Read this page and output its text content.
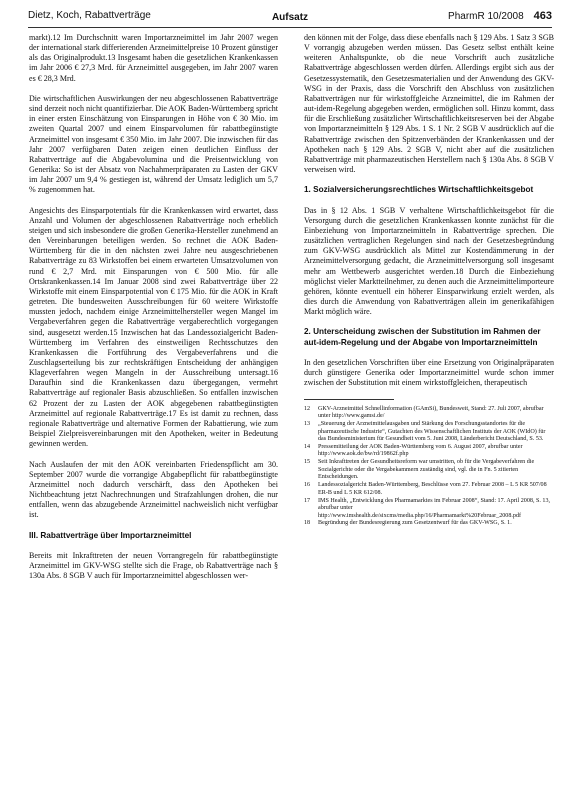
Dietz, Koch, Rabattverträge	Aufsatz	PharmR 10/2008 463

markt).12 Im Durchschnitt waren Importarzneimittel im Jahr 2007 wegen der international stark differierenden Arzneimittelpreise 10 Prozent günstiger als das Originalprodukt.13 Insgesamt haben die gesetzlichen Krankenkassen im Jahr 2006 € 27,3 Mrd. für Arzneimittel ausgegeben, im Jahr 2007 waren es € 28,3 Mrd.

Die wirtschaftlichen Auswirkungen der neu abgeschlossenen Rabattverträge sind derzeit noch nicht quantifizierbar. Die AOK Baden-Württemberg spricht in einer ersten Einschätzung von Einsparungen in Höhe von € 30 Mio. im zweiten Quartal 2007 und einem Einsparvolumen für rabattbegünstigte Arzneimittel von insgesamt € 350 Mio. im Jahr 2007. Die inzwischen für das Jahr 2007 verfügbaren Daten zeigen einen deutlichen Einfluss der Rabattverträge auf die Abgabevolumina und die Preisentwicklung von Generika: So ist der Absatz von Nachahmerpräparaten zu Lasten der GKV im Jahr 2007 um 9,4 % gestiegen ist, während der Umsatz lediglich um 5,7 % zugenommen hat.

Angesichts des Einsparpotentials für die Krankenkassen wird erwartet, dass Anzahl und Volumen der abgeschlossenen Rabattverträge noch erheblich steigen und sich insbesondere die großen Generika-Hersteller zunehmend an den Vereinbarungen beteiligen werden. So rechnet die AOK Baden-Württemberg für die in den nächsten zwei Jahre neu ausgeschriebenen Rabattverträge zu 83 Wirkstoffen bei einem erwarteten Umsatzvolumen von rund € 2,7 Mrd. mit Einsparungen von € 500 Mio. für alle Ortskrankenkassen.14 Im Januar 2008 sind zwei Rabattverträge über 22 Wirkstoffe mit einem Einsparpotential von € 175 Mio. für die AOK in Kraft getreten. Die bundesweiten Ausschreibungen für 60 weitere Wirkstoffe mussten jedoch, nachdem einige Arzneimittelhersteller wegen Mangel im Vergabeverfahren gegen die Rabattverträge vergaberechtlich vorgegangen sind, ausgesetzt werden.15 Inzwischen hat das Landessozialgericht Baden-Württemberg im Verfahren des einstweiligen Rechtsschutzes den Krankenkassen die Fortführung des Vergabeverfahrens und die Zuschlagserteilung bis zur rechtskräftigen Entscheidung der anhängigen Klageverfahren wegen Mangeln in der Ausschreibung untersagt.16 Daraufhin sind die Krankenkassen dazu übergegangen, vermehrt Rabattverträge auf regionaler Basis abzuschließen. So entfallen inzwischen 62 Prozent der zu Lasten der AOK abgegebenen rabattbegünstigten Arzneimittel auf regionale Rabattverträge.17 Es ist damit zu rechnen, dass regionale Rabattverträge und alternative Formen der Rabattierung, wie zum Beispiel Zielpreisvereinbarungen mit den Apotheken, weiter in Bedeutung gewinnen werden.

Nach Auslaufen der mit den AOK vereinbarten Friedenspflicht am 30. September 2007 wurde die vorrangige Abgabepflicht für rabattbegünstigte Arzneimittel noch dadurch verschärft, dass den Apotheken bei Nichtbeachtung jetzt Nachrechnungen und Strafzahlungen drohen, die nur entfallen, wenn das abzugebende Arzneimittel nachweislich nicht verfügbar ist.

III. Rabattverträge über Importarzneimittel

Bereits mit Inkrafttreten der neuen Vorrangregeln für rabattbegünstigte Arzneimittel im GKV-WSG stellte sich die Frage, ob Rabattverträge nach § 130a Abs. 8 SGB V auch für Importarzneimittel abgeschlossen wer-

den können mit der Folge, dass diese ebenfalls nach § 129 Abs. 1 Satz 3 SGB V vorrangig abzugeben werden müssen. Das Gesetz selbst enthält keine weiteren Anhaltspunkte, ob die neue Vorschrift auch zusätzliche Rabattverträge abgeschlossen werden dürfen. Allerdings ergibt sich aus der Gesetzessystematik, den Gesetzesmaterialien und der Anwendung des GKV-WSG in der Praxis, dass die Vorschrift den Abschluss von zusätzlichen Rabattverträgen nur für wirkstoffgleiche Arzneimittel, die im Rahmen der aut-idem-Regelung abgegeben werden, ermöglichen soll. Hinzu kommt, dass für die Erschließung zusätzlicher Wirtschaftlichkeitsreserven bei der Abgabe von Importarzneimitteln § 129 Abs. 1 S. 1 Nr. 2 SGB V ausdrücklich auf die Rabattverträge zwischen den Spitzenverbänden der Krankenkassen und der Apotheken nach § 129 Abs. 2 SGB V, nicht aber auf die zusätzlichen Rabattverträge mit pharmazeutischen Herstellern nach § 130a Abs. 8 SGB V verweisen wird.

1. Sozialversicherungsrechtliches Wirtschaftlichkeitsgebot

Das in § 12 Abs. 1 SGB V verhaltene Wirtschaftlichkeitsgebot für die Versorgung durch die gesetzlichen Krankenkassen konnte zunächst für die Einbeziehung von Importarzneimitteln in Rabattverträge sprechen. Die zusätzlichen vertraglichen Regelungen sind nach der Gesetzesbegründung zum GKV-WSG ausdrücklich als Mittel zur Kostendämmerung in der Arzneimittelversorgung gedacht, die Arzneimittelversorgung soll insgesamt mehr am Wettbewerb ausgerichtet werden.18 Durch die Einbeziehung möglichst vieler Marktteilnehmer, zu denen auch die Arzneimittelimporteure gehören, könnte eventuell ein höherer Einsparwirkung erzielt werden, als dies durch die Anwendung von Rabattverträgen allein im generikafähigen Markt möglich wäre.

2. Unterscheidung zwischen der Substitution im Rahmen der aut-idem-Regelung und der Abgabe von Importarzneimitteln

In den gesetzlichen Vorschriften über eine Ersetzung von Originalpräparaten durch günstigere Generika oder Importarzneimittel wurde schon immer zwischen der Substitution mit einem wirkstoffgleichen, therapeutisch

12	GKV-Arzneimittel Schnellinformation (GAmSi), Bundesweit, Stand: 27. Juli 2007, abrufbar unter http://www.gamsi.de/
13	„Steuerung der Arzneimittelausgaben und Stärkung des Forschungsstandortes für die pharmazeutische Industrie“, Gutachten des Wissenschaftlichen Instituts der AOK (WIdO) für das Bundesministerium für Gesundheit vom 5. Juni 2008, Länderbericht Deutschland, S. 53.
14	Pressemitteilung der AOK Baden-Württemberg vom 6. August 2007, abrufbar unter http://www.aok.de/bw/rd/19862f.php
15	Seit Inkrafttreten der Gesundheitsreform war umstritten, ob für die Vergabeverfahren die Sozialgerichte oder die Vergabekammern zuständig sind, vgl. die in Fn. 5 zitierten Entscheidungen.
16	Landessozialgericht Baden-Württemberg, Beschlüsse vom 27. Februar 2008 – L 5 KR 507/08 ER-B und L 5 KR 612/08.
17	IMS Health, „Entwicklung des Pharmamarktes im Februar 2008“, Stand: 17. April 2008, S. 13, abrufbar unter http://www.imshealth.de/sixcms/media.php/16/Pharmamarkt%20Februar_2008.pdf
18	Begründung der Bundesregierung zum Gesetzentwurf für das GKV-WSG, S. 1.
